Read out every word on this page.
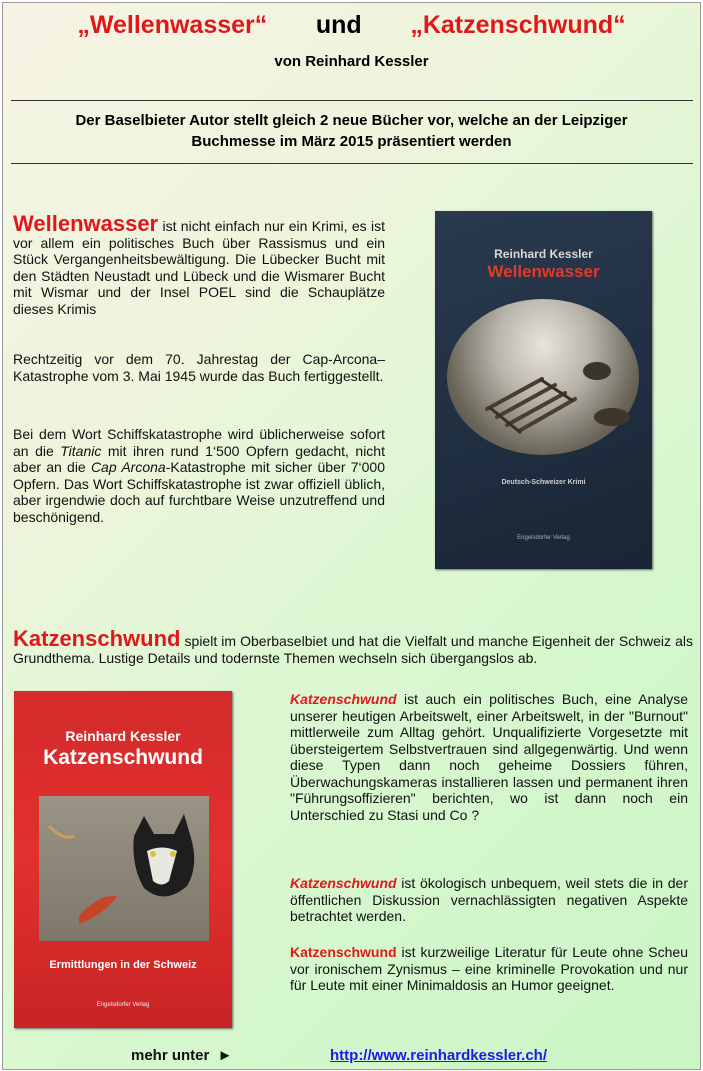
„Wellenwasser“ und „Katzenschwund“
von Reinhard Kessler
Der Baselbieter Autor stellt gleich 2 neue Bücher vor, welche an der Leipziger Buchmesse im März 2015 präsentiert werden
Wellenwasser ist nicht einfach nur ein Krimi, es ist vor allem ein politisches Buch über Rassismus und ein Stück Vergangenheitsbewältigung. Die Lübecker Bucht mit den Städten Neustadt und Lübeck und die Wismarer Bucht mit Wismar und der Insel POEL sind die Schauplätze dieses Krimis
Rechtzeitig vor dem 70. Jahrestag der Cap-Arcona–Katastrophe vom 3. Mai 1945 wurde das Buch fertiggestellt.
Bei dem Wort Schiffskatastrophe wird üblicherweise sofort an die Titanic mit ihren rund 1‘500 Opfern gedacht, nicht aber an die Cap Arcona-Katastrophe mit sicher über 7‘000 Opfern. Das Wort Schiffskatastrophe ist zwar offiziell üblich, aber irgendwie doch auf furchtbare Weise unzutreffend und beschönigend.
Reinhard Kessler
Wellenwasser
Deutsch-Schweizer Krimi
Engelsdorfer Verlag
Katzenschwund spielt im Oberbaselbiet und hat die Vielfalt und manche Eigenheit der Schweiz als Grundthema. Lustige Details und todernste Themen wechseln sich übergangslos ab.
Reinhard Kessler
Katzenschwund
Ermittlungen in der Schweiz
Engelsdorfer Verlag
Katzenschwund ist auch ein politisches Buch, eine Analyse unserer heutigen Arbeitswelt, einer Arbeitswelt, in der "Burnout" mittlerweile zum Alltag gehört. Unqualifizierte Vorgesetzte mit übersteigertem Selbstvertrauen sind allgegenwärtig. Und wenn diese Typen dann noch geheime Dossiers führen, Überwachungskameras installieren lassen und permanent ihren "Führungsoffizieren" berichten, wo ist dann noch ein Unterschied zu Stasi und Co ?
Katzenschwund ist ökologisch unbequem, weil stets die in der öffentlichen Diskussion vernachlässigten negativen Aspekte betrachtet werden.
Katzenschwund ist kurzweilige Literatur für Leute ohne Scheu vor ironischem Zynismus – eine kriminelle Provokation und nur für Leute mit einer Minimaldosis an Humor geeignet.
mehr unter  ►	http://www.reinhardkessler.ch/
